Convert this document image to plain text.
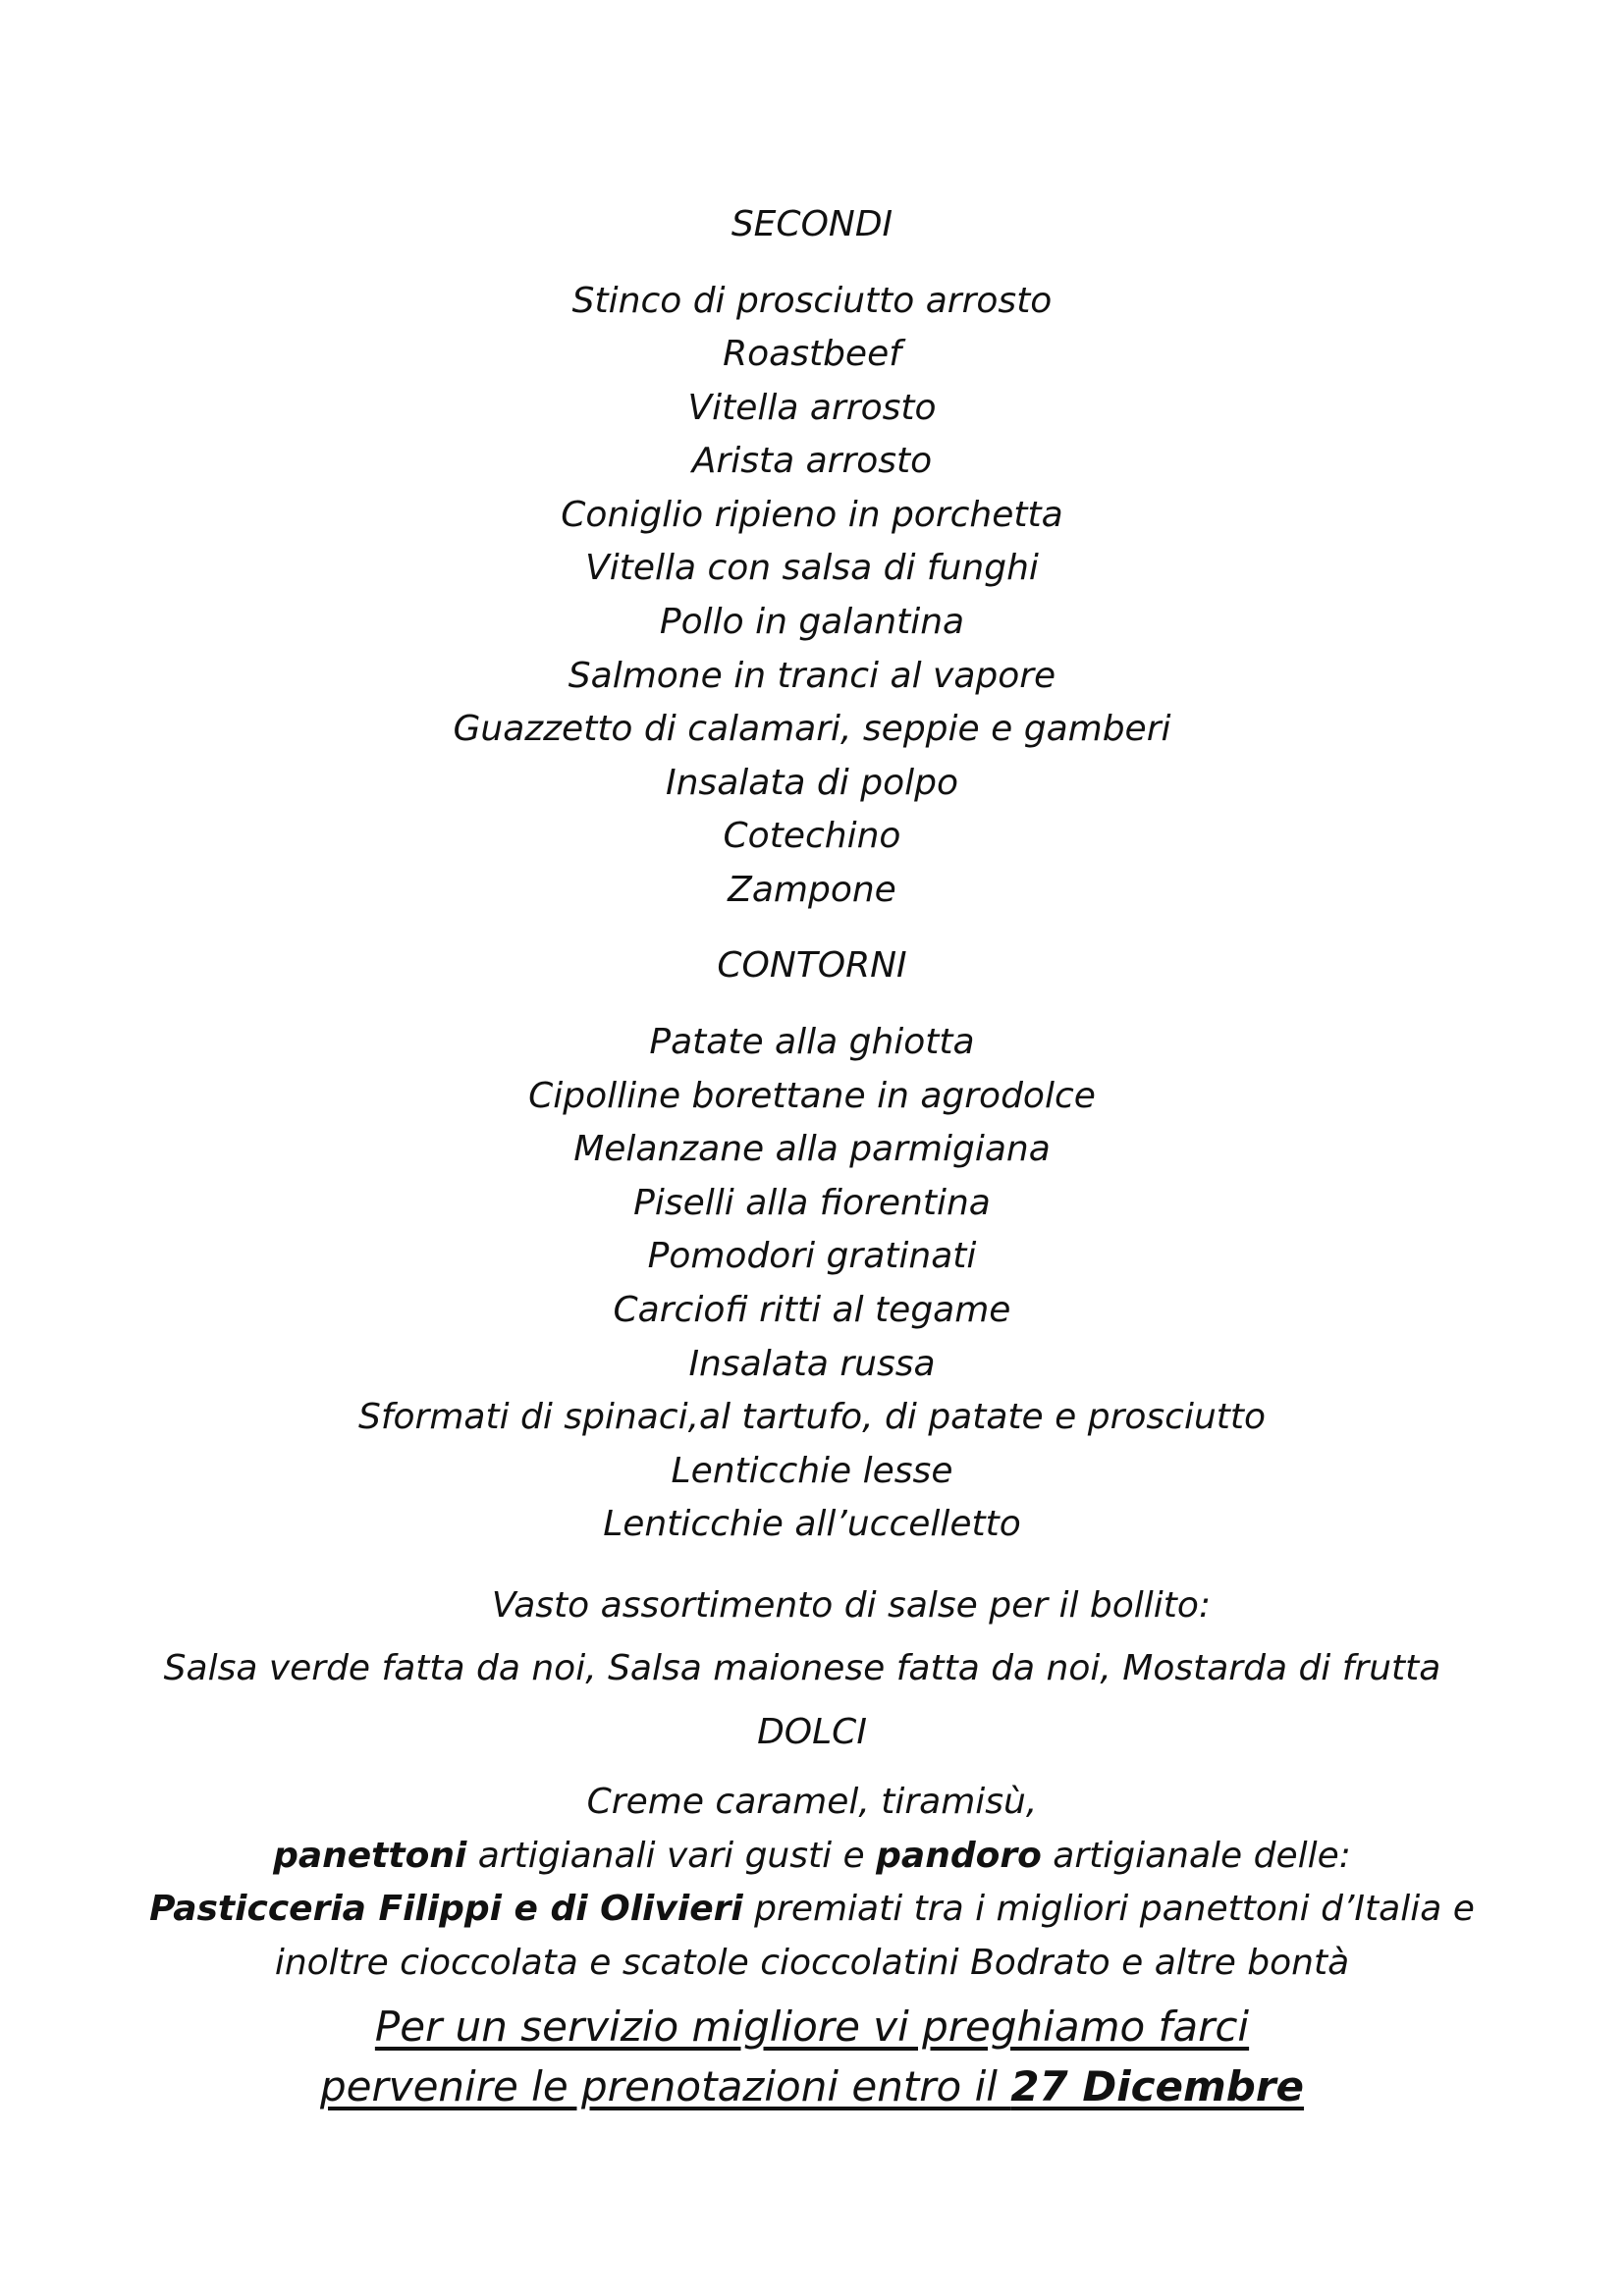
SECONDI
Stinco di prosciutto arrosto
Roastbeef
Vitella arrosto
Arista arrosto
Coniglio ripieno in porchetta
Vitella con salsa di funghi
Pollo in galantina
Salmone in tranci al vapore
Guazzetto di calamari, seppie e gamberi
Insalata di polpo
Cotechino
Zampone
CONTORNI
Patate alla ghiotta
Cipolline borettane in agrodolce
Melanzane alla parmigiana
Piselli alla fiorentina
Pomodori gratinati
Carciofi ritti al tegame
Insalata russa
Sformati di spinaci,al tartufo, di patate e prosciutto
Lenticchie lesse
Lenticchie all’uccelletto
Vasto assortimento di salse per il bollito:
Salsa verde fatta da noi, Salsa maionese fatta da noi, Mostarda di frutta
DOLCI
Creme caramel, tiramisù,
panettoni artigianali vari gusti e pandoro artigianale delle:
Pasticceria Filippi e di Olivieri premiati tra i migliori panettoni d’Italia e
inoltre cioccolata e scatole cioccolatini Bodrato e altre bontà
Per un servizio migliore vi preghiamo farci
pervenire le prenotazioni entro il 27 Dicembre
